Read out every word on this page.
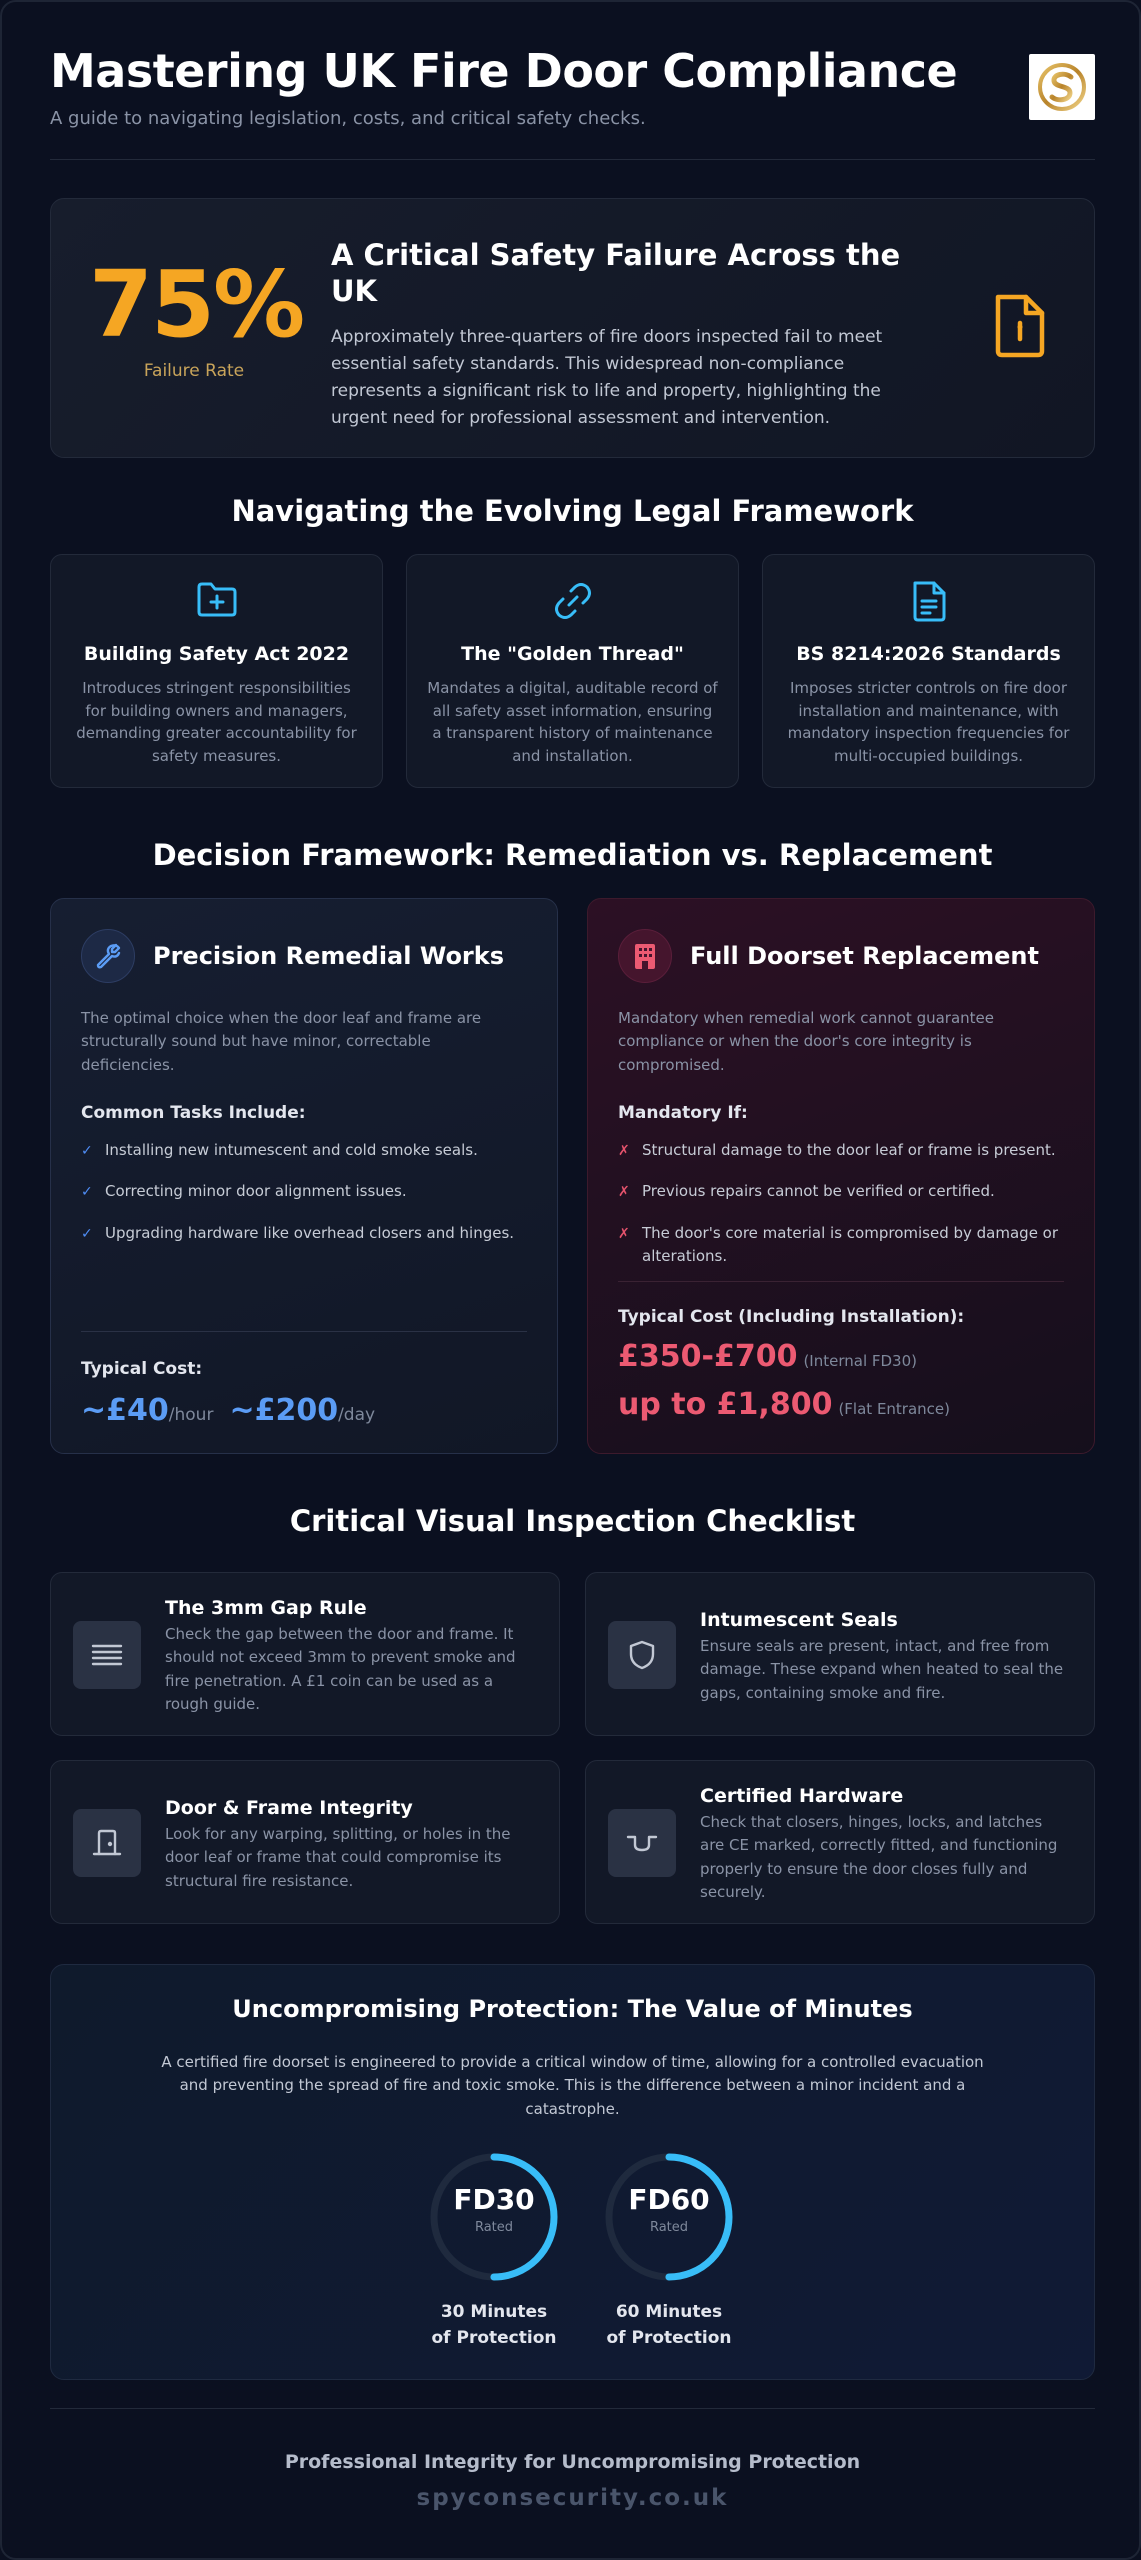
Mastering UK Fire Door Compliance
A guide to navigating legislation, costs, and critical safety checks.
75%
Failure Rate
A Critical Safety Failure Across the UK
Approximately three-quarters of fire doors inspected fail to meet essential safety standards. This widespread non-compliance represents a significant risk to life and property, highlighting the urgent need for professional assessment and intervention.
Navigating the Evolving Legal Framework
Building Safety Act 2022

Introduces stringent responsibilities for building owners and managers, demanding greater accountability for safety measures.

The "Golden Thread"

Mandates a digital, auditable record of all safety asset information, ensuring a transparent history of maintenance and installation.

BS 8214:2026 Standards

Imposes stricter controls on fire door installation and maintenance, with mandatory inspection frequencies for multi-occupied buildings.

Decision Framework: Remediation vs. Replacement
Precision Remedial Works
The optimal choice when the door leaf and frame are structurally sound but have minor, correctable deficiencies.
Common Tasks Include:
✓ Installing new intumescent and cold smoke seals.
✓ Correcting minor door alignment issues.
✓ Upgrading hardware like overhead closers and hinges.
Typical Cost:
~£40 /hour ~£200 /day
Full Doorset Replacement
Mandatory when remedial work cannot guarantee compliance or when the door's core integrity is compromised.
Mandatory If:
✗ Structural damage to the door leaf or frame is present.
✗ Previous repairs cannot be verified or certified.
✗ The door's core material is compromised by damage or alterations.
Typical Cost (Including Installation):
£350-£700 (Internal FD30)
up to £1,800 (Flat Entrance)
Critical Visual Inspection Checklist
The 3mm Gap Rule

Check the gap between the door and frame. It should not exceed 3mm to prevent smoke and fire penetration. A £1 coin can be used as a rough guide.

Intumescent Seals

Ensure seals are present, intact, and free from damage. These expand when heated to seal the gaps, containing smoke and fire.

Door & Frame Integrity

Look for any warping, splitting, or holes in the door leaf or frame that could compromise its structural fire resistance.

Certified Hardware

Check that closers, hinges, locks, and latches are CE marked, correctly fitted, and functioning properly to ensure the door closes fully and securely.

Uncompromising Protection: The Value of Minutes

A certified fire doorset is engineered to provide a critical window of time, allowing for a controlled evacuation and preventing the spread of fire and toxic smoke. This is the difference between a minor incident and a catastrophe.

FD30
Rated
30 Minutes
of Protection
FD60
Rated
60 Minutes
of Protection
Professional Integrity for Uncompromising Protection
spyconsecurity.co.uk
